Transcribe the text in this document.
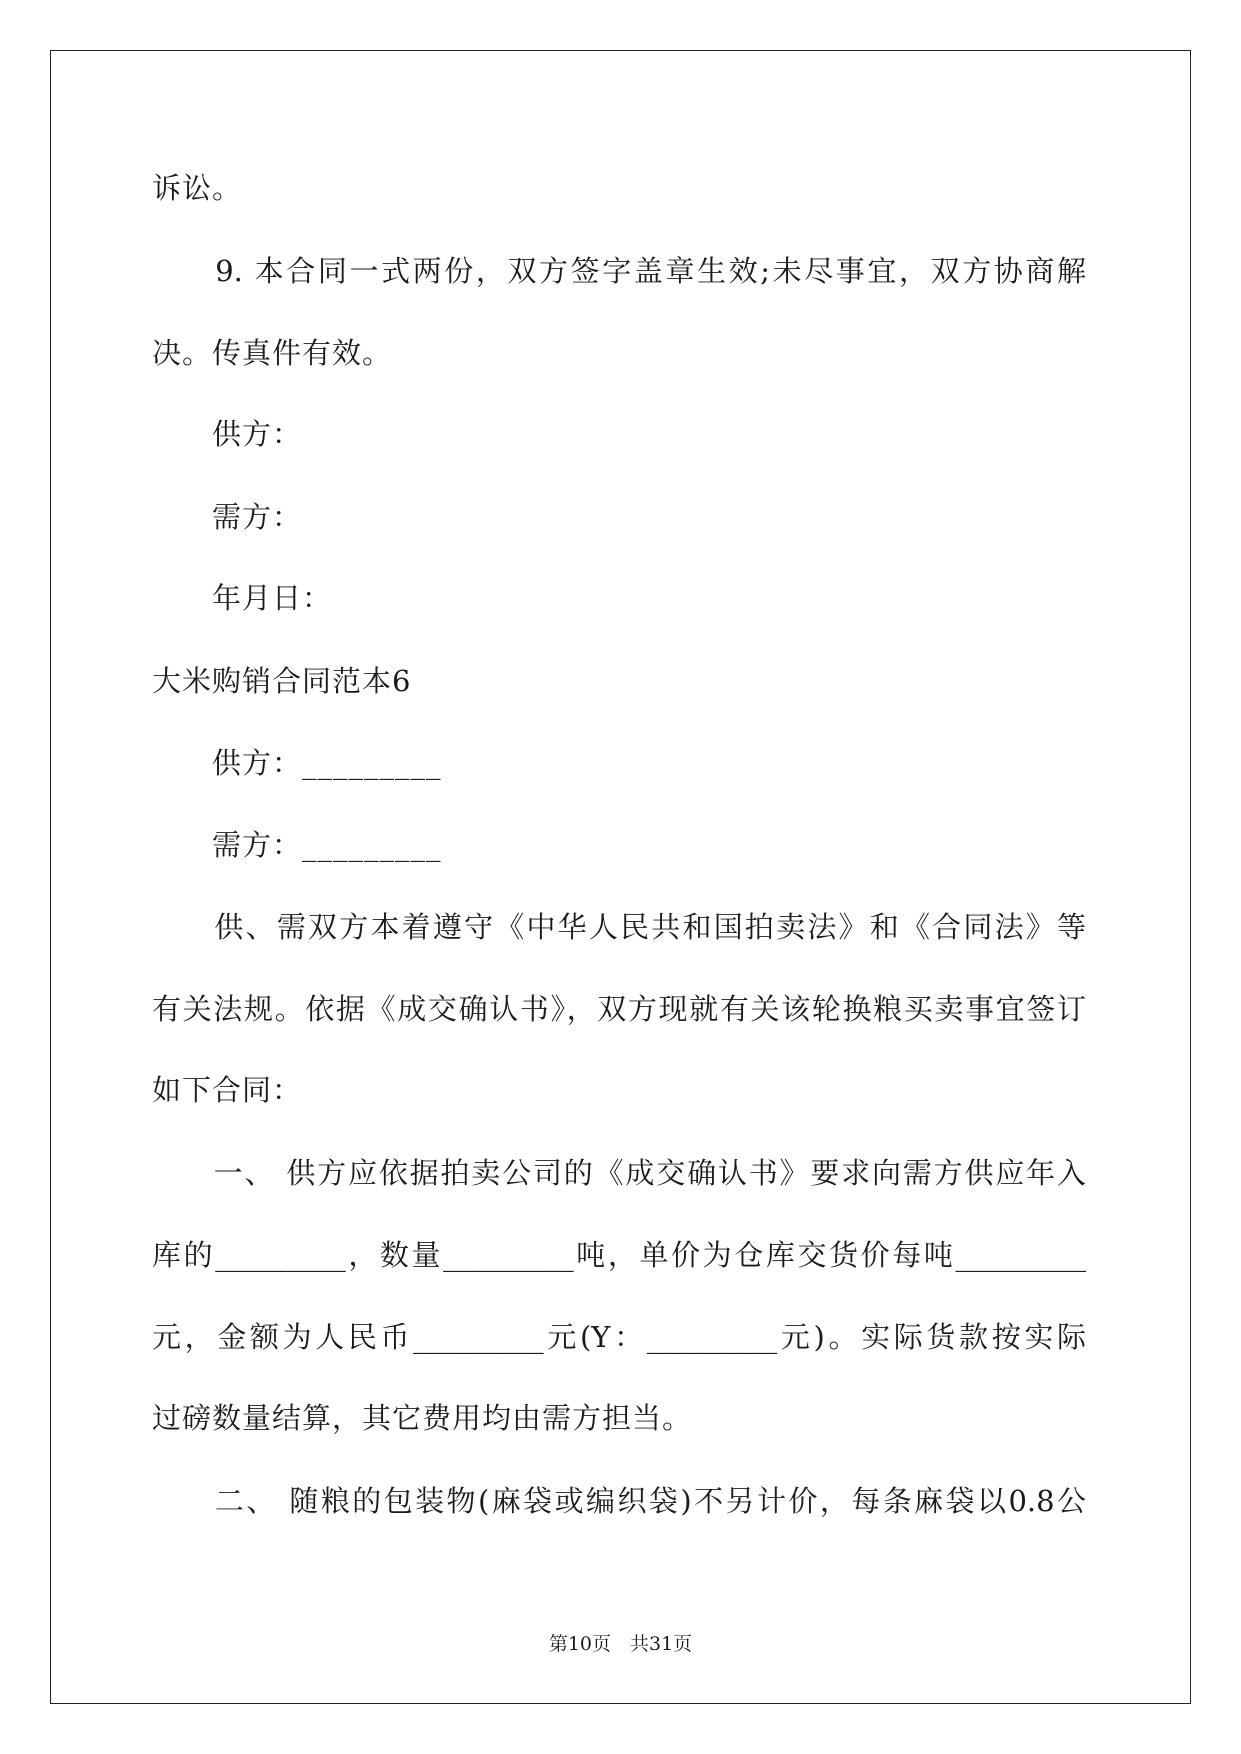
诉讼。
　　9. 本合同一式两份，双方签字盖章生效;未尽事宜，双方协商解
决。传真件有效。
　　供方：
　　需方：
　　年月日：
大米购销合同范本6
　　供方：_________
　　需方：_________
　　供、需双方本着遵守《中华人民共和国拍卖法》和《合同法》等
有关法规。依据《成交确认书》，双方现就有关该轮换粮买卖事宜签订
如下合同：
　　一、 供方应依据拍卖公司的《成交确认书》要求向需方供应年入
库的_________，数量_________吨，单价为仓库交货价每吨_________
元，金额为人民币_________元(Y：_________元)。实际货款按实际
过磅数量结算，其它费用均由需方担当。
　　二、 随粮的包装物(麻袋或编织袋)不另计价，每条麻袋以0.8公
第10页　共31页
